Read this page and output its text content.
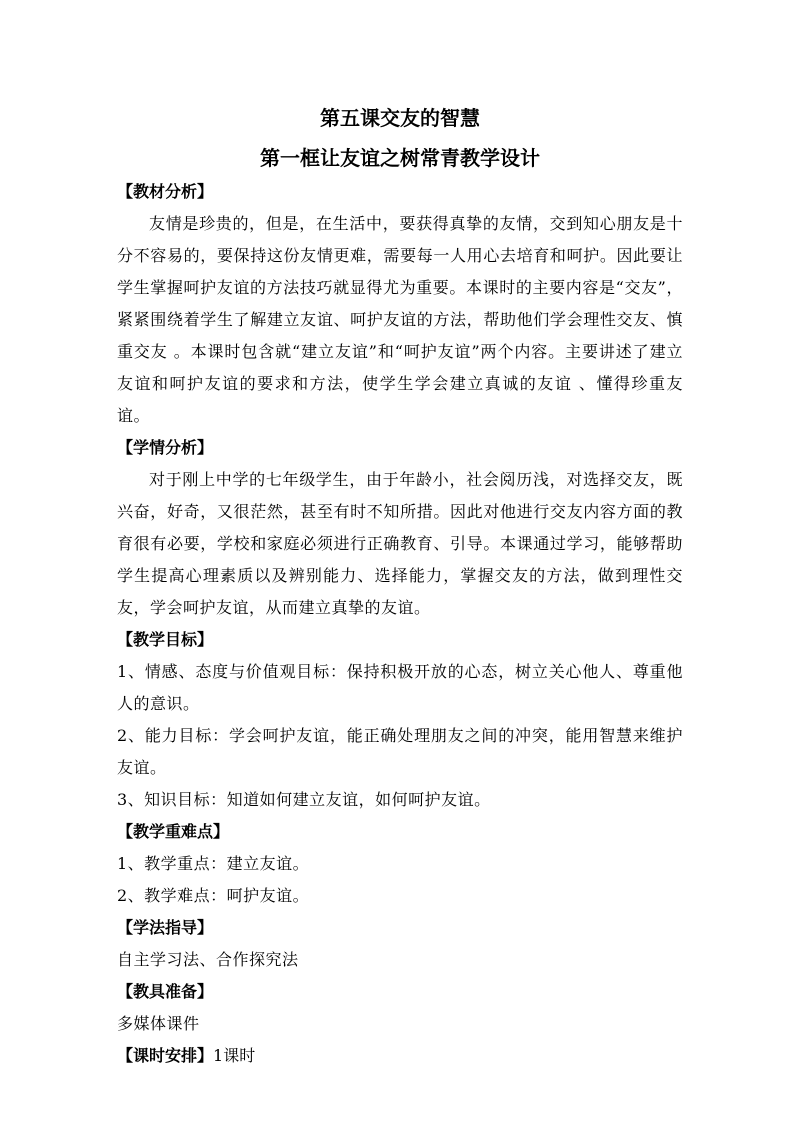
第五课交友的智慧
第一框让友谊之树常青教学设计

【教材分析】

友情是珍贵的，但是，在生活中，要获得真挚的友情，交到知心朋友是十分不容易的，要保持这份友情更难，需要每一人用心去培育和呵护。因此要让学生掌握呵护友谊的方法技巧就显得尤为重要。本课时的主要内容是“交友”，紧紧围绕着学生了解建立友谊、呵护友谊的方法，帮助他们学会理性交友、慎重交友 。本课时包含就“建立友谊”和“呵护友谊”两个内容。主要讲述了建立友谊和呵护友谊的要求和方法，使学生学会建立真诚的友谊 、懂得珍重友谊。

【学情分析】

对于刚上中学的七年级学生，由于年龄小，社会阅历浅，对选择交友，既兴奋，好奇，又很茫然，甚至有时不知所措。因此对他进行交友内容方面的教育很有必要，学校和家庭必须进行正确教育、引导。本课通过学习，能够帮助学生提高心理素质以及辨别能力、选择能力，掌握交友的方法，做到理性交友，学会呵护友谊，从而建立真挚的友谊。

【教学目标】

1、情感、态度与价值观目标：保持积极开放的心态，树立关心他人、尊重他人的意识。

2、能力目标：学会呵护友谊，能正确处理朋友之间的冲突，能用智慧来维护友谊。

3、知识目标：知道如何建立友谊，如何呵护友谊。

【教学重难点】

1、教学重点：建立友谊。

2、教学难点：呵护友谊。

【学法指导】

自主学习法、合作探究法

【教具准备】

多媒体课件

【课时安排】1课时
